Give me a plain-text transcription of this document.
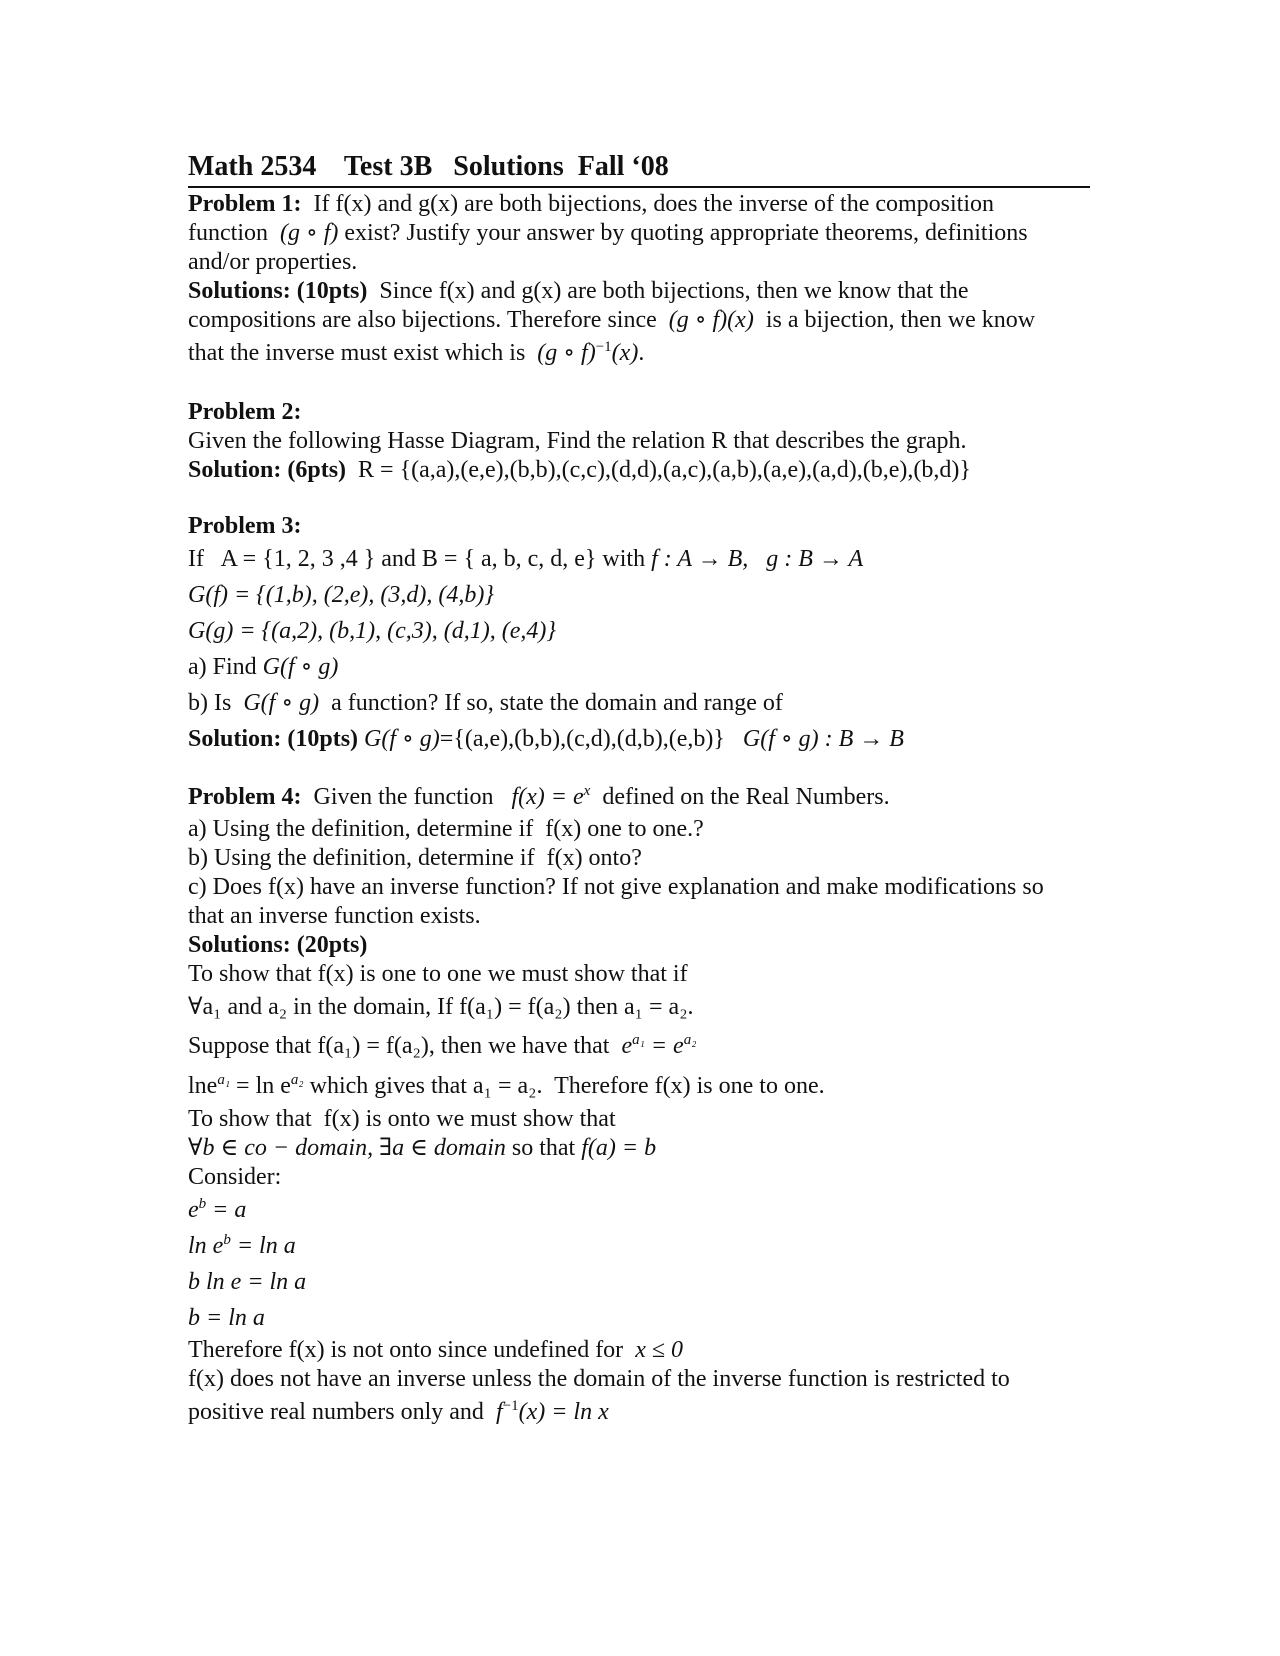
Math 2534 Test 3B Solutions Fall ‘08
Problem 1: If f(x) and g(x) are both bijections, does the inverse of the composition
function (g ∘ f) exist? Justify your answer by quoting appropriate theorems, definitions
and/or properties.
Solutions: (10pts) Since f(x) and g(x) are both bijections, then we know that the
compositions are also bijections. Therefore since (g ∘ f)(x) is a bijection, then we know
that the inverse must exist which is (g ∘ f)$^{-1}$(x).
Problem 2:
Given the following Hasse Diagram, Find the relation R that describes the graph.
Solution: (6pts) R = {(a,a),(e,e),(b,b),(c,c),(d,d),(a,c),(a,b),(a,e),(a,d),(b,e),(b,d)}
Problem 3:
If   A = {1, 2, 3 ,4 } and B = { a, b, c, d, e} with f : A → B,   g : B → A
G(f) = {(1,b), (2,e), (3,d), (4,b)}
G(g) = {(a,2), (b,1), (c,3), (d,1), (e,4)}
a) Find G(f ∘ g)
b) Is G(f ∘ g) a function? If so, state the domain and range of
Solution: (10pts) G(f ∘ g)={(a,e),(b,b),(c,d),(d,b),(e,b)} G(f ∘ g) : B → B
Problem 4: Given the function $f(x) = e^x$ defined on the Real Numbers.
a) Using the definition, determine if  f(x) one to one.?
b) Using the definition, determine if  f(x) onto?
c) Does f(x) have an inverse function? If not give explanation and make modifications so
that an inverse function exists.
Solutions: (20pts)
To show that f(x) is one to one we must show that if
∀a₁ and a₂ in the domain, If f(a₁) = f(a₂) then a₁ = a₂.
Suppose that f(a₁) = f(a₂), then we have that $e^{a_1} = e^{a_2}$
$\ln e^{a_1} = \ln e^{a_2}$ which gives that a₁ = a₂.  Therefore f(x) is one to one.
To show that  f(x) is onto we must show that
∀b ∈ co − domain, ∃a ∈ domain so that f(a) = b
Consider:
$e^b = a$
$\ln e^b = \ln a$
b ln e = ln a
b = ln a
Therefore f(x) is not onto since undefined for x ≤ 0
f(x) does not have an inverse unless the domain of the inverse function is restricted to
positive real numbers only and $f^{-1}(x) = \ln x$
